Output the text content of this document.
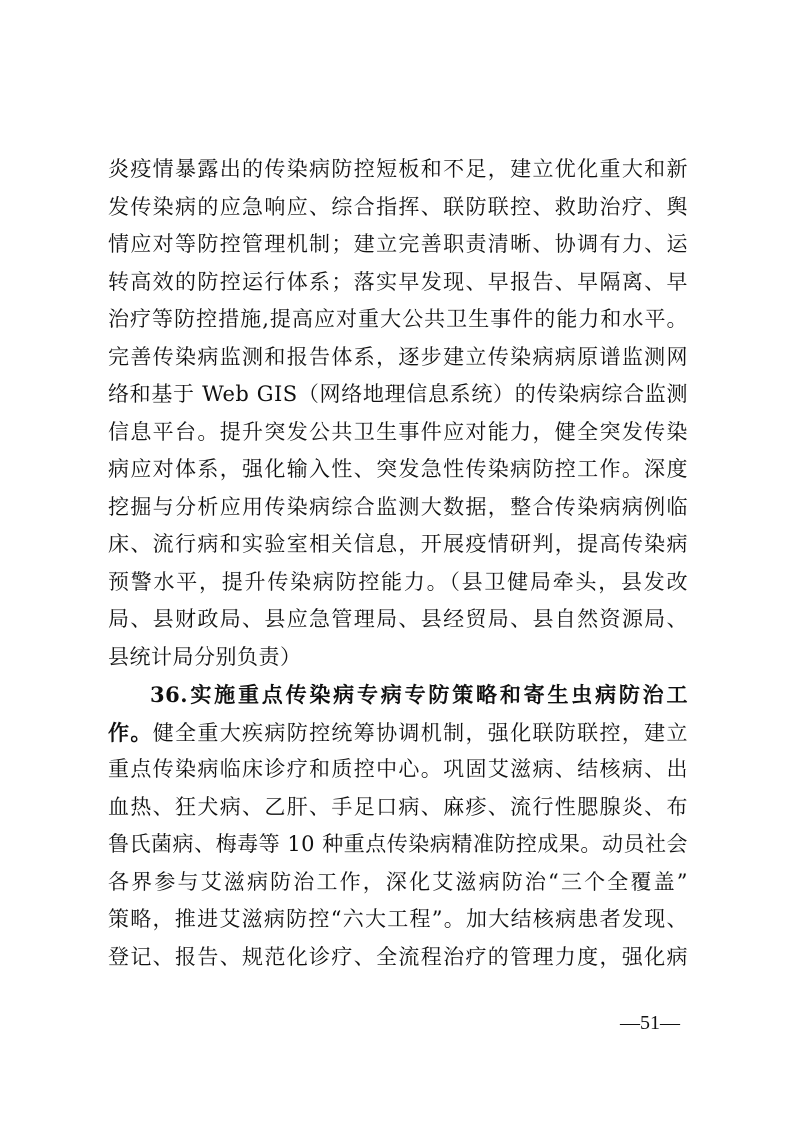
炎疫情暴露出的传染病防控短板和不足，建立优化重大和新
发传染病的应急响应、综合指挥、联防联控、救助治疗、舆
情应对等防控管理机制；建立完善职责清晰、协调有力、运
转高效的防控运行体系；落实早发现、早报告、早隔离、早
治疗等防控措施,提高应对重大公共卫生事件的能力和水平。
完善传染病监测和报告体系，逐步建立传染病病原谱监测网
络和基于 Web GIS（网络地理信息系统）的传染病综合监测
信息平台。提升突发公共卫生事件应对能力，健全突发传染
病应对体系，强化输入性、突发急性传染病防控工作。深度
挖掘与分析应用传染病综合监测大数据，整合传染病病例临
床、流行病和实验室相关信息，开展疫情研判，提高传染病
预警水平，提升传染病防控能力。（县卫健局牵头，县发改
局、县财政局、县应急管理局、县经贸局、县自然资源局、
县统计局分别负责）
36.实施重点传染病专病专防策略和寄生虫病防治工
作。健全重大疾病防控统筹协调机制，强化联防联控，建立
重点传染病临床诊疗和质控中心。巩固艾滋病、结核病、出
血热、狂犬病、乙肝、手足口病、麻疹、流行性腮腺炎、布
鲁氏菌病、梅毒等 10 种重点传染病精准防控成果。动员社会
各界参与艾滋病防治工作，深化艾滋病防治“三个全覆盖”
策略，推进艾滋病防控“六大工程”。加大结核病患者发现、
登记、报告、规范化诊疗、全流程治疗的管理力度，强化病
—51—
